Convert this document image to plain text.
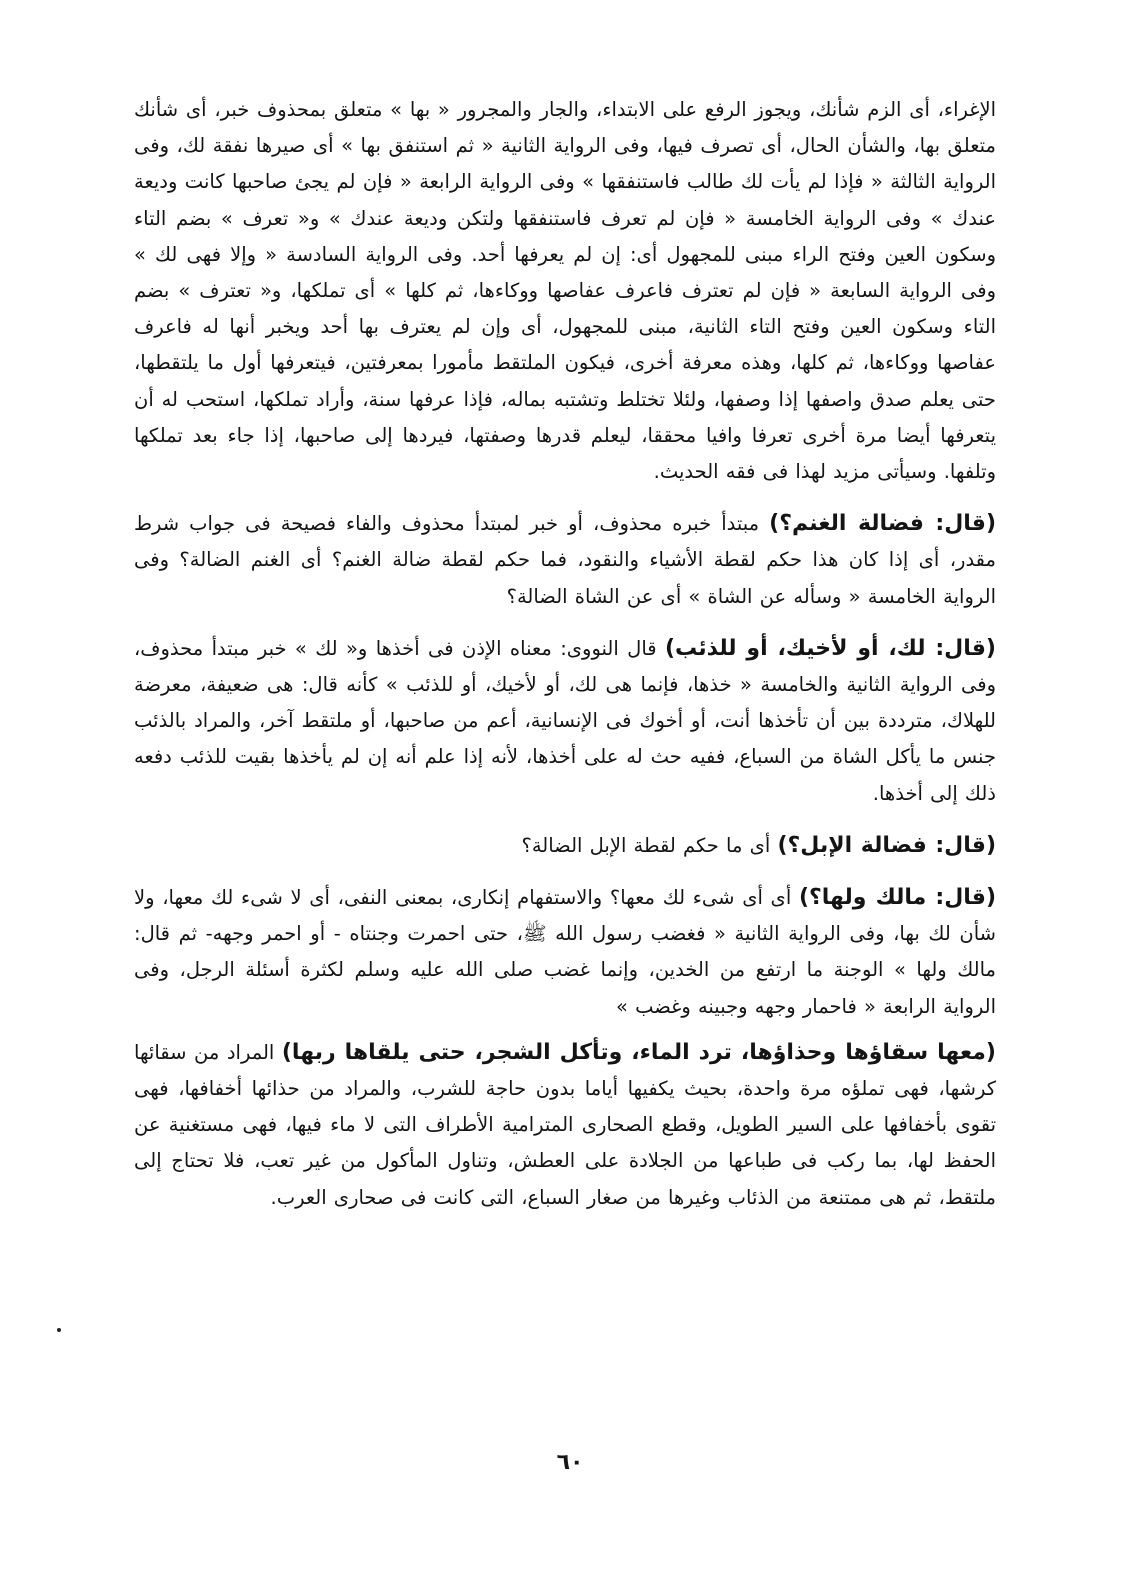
الإغراء، أى الزم شأنك، ويجوز الرفع على الابتداء، والجار والمجرور « بها » متعلق بمحذوف خبر، أى شأنك متعلق بها، والشأن الحال، أى تصرف فيها، وفى الرواية الثانية « ثم استنفق بها » أى صيرها نفقة لك، وفى الرواية الثالثة « فإذا لم يأت لك طالب فاستنفقها » وفى الرواية الرابعة « فإن لم يجئ صاحبها كانت وديعة عندك » وفى الرواية الخامسة « فإن لم تعرف فاستنفقها ولتكن وديعة عندك » و« تعرف » بضم التاء وسكون العين وفتح الراء مبنى للمجهول أى: إن لم يعرفها أحد. وفى الرواية السادسة « وإلا فهى لك » وفى الرواية السابعة « فإن لم تعترف فاعرف عفاصها ووكاءها، ثم كلها » أى تملكها، و« تعترف » بضم التاء وسكون العين وفتح التاء الثانية، مبنى للمجهول، أى وإن لم يعترف بها أحد ويخبر أنها له فاعرف عفاصها ووكاءها، ثم كلها، وهذه معرفة أخرى، فيكون الملتقط مأمورا بمعرفتين، فيتعرفها أول ما يلتقطها، حتى يعلم صدق واصفها إذا وصفها، ولئلا تختلط وتشتبه بماله، فإذا عرفها سنة، وأراد تملكها، استحب له أن يتعرفها أيضا مرة أخرى تعرفا وافيا محققا، ليعلم قدرها وصفتها، فيردها إلى صاحبها، إذا جاء بعد تملكها وتلفها. وسيأتى مزيد لهذا فى فقه الحديث.

(قال: فضالة الغنم؟) مبتدأ خبره محذوف، أو خبر لمبتدأ محذوف والفاء فصيحة فى جواب شرط مقدر، أى إذا كان هذا حكم لقطة الأشياء والنقود، فما حكم لقطة ضالة الغنم؟ أى الغنم الضالة؟ وفى الرواية الخامسة « وسأله عن الشاة » أى عن الشاة الضالة؟

(قال: لك، أو لأخيك، أو للذئب) قال النووى: معناه الإذن فى أخذها و« لك » خبر مبتدأ محذوف، وفى الرواية الثانية والخامسة « خذها، فإنما هى لك، أو لأخيك، أو للذئب » كأنه قال: هى ضعيفة، معرضة للهلاك، مترددة بين أن تأخذها أنت، أو أخوك فى الإنسانية، أعم من صاحبها، أو ملتقط آخر، والمراد بالذئب جنس ما يأكل الشاة من السباع، ففيه حث له على أخذها، لأنه إذا علم أنه إن لم يأخذها بقيت للذئب دفعه ذلك إلى أخذها.

(قال: فضالة الإبل؟) أى ما حكم لقطة الإبل الضالة؟

(قال: مالك ولها؟) أى أى شىء لك معها؟ والاستفهام إنكارى، بمعنى النفى، أى لا شىء لك معها، ولا شأن لك بها، وفى الرواية الثانية « فغضب رسول الله ﷺ، حتى احمرت وجنتاه - أو احمر وجهه- ثم قال: مالك ولها » الوجنة ما ارتفع من الخدين، وإنما غضب صلى الله عليه وسلم لكثرة أسئلة الرجل، وفى الرواية الرابعة « فاحمار وجهه وجبينه وغضب »

(معها سقاؤها وحذاؤها، ترد الماء، وتأكل الشجر، حتى يلقاها ربها) المراد من سقائها كرشها، فهى تملؤه مرة واحدة، بحيث يكفيها أياما بدون حاجة للشرب، والمراد من حذائها أخفافها، فهى تقوى بأخفافها على السير الطويل، وقطع الصحارى المترامية الأطراف التى لا ماء فيها، فهى مستغنية عن الحفظ لها، بما ركب فى طباعها من الجلادة على العطش، وتناول المأكول من غير تعب، فلا تحتاج إلى ملتقط، ثم هى ممتنعة من الذئاب وغيرها من صغار السباع، التى كانت فى صحارى العرب.

٦٠
